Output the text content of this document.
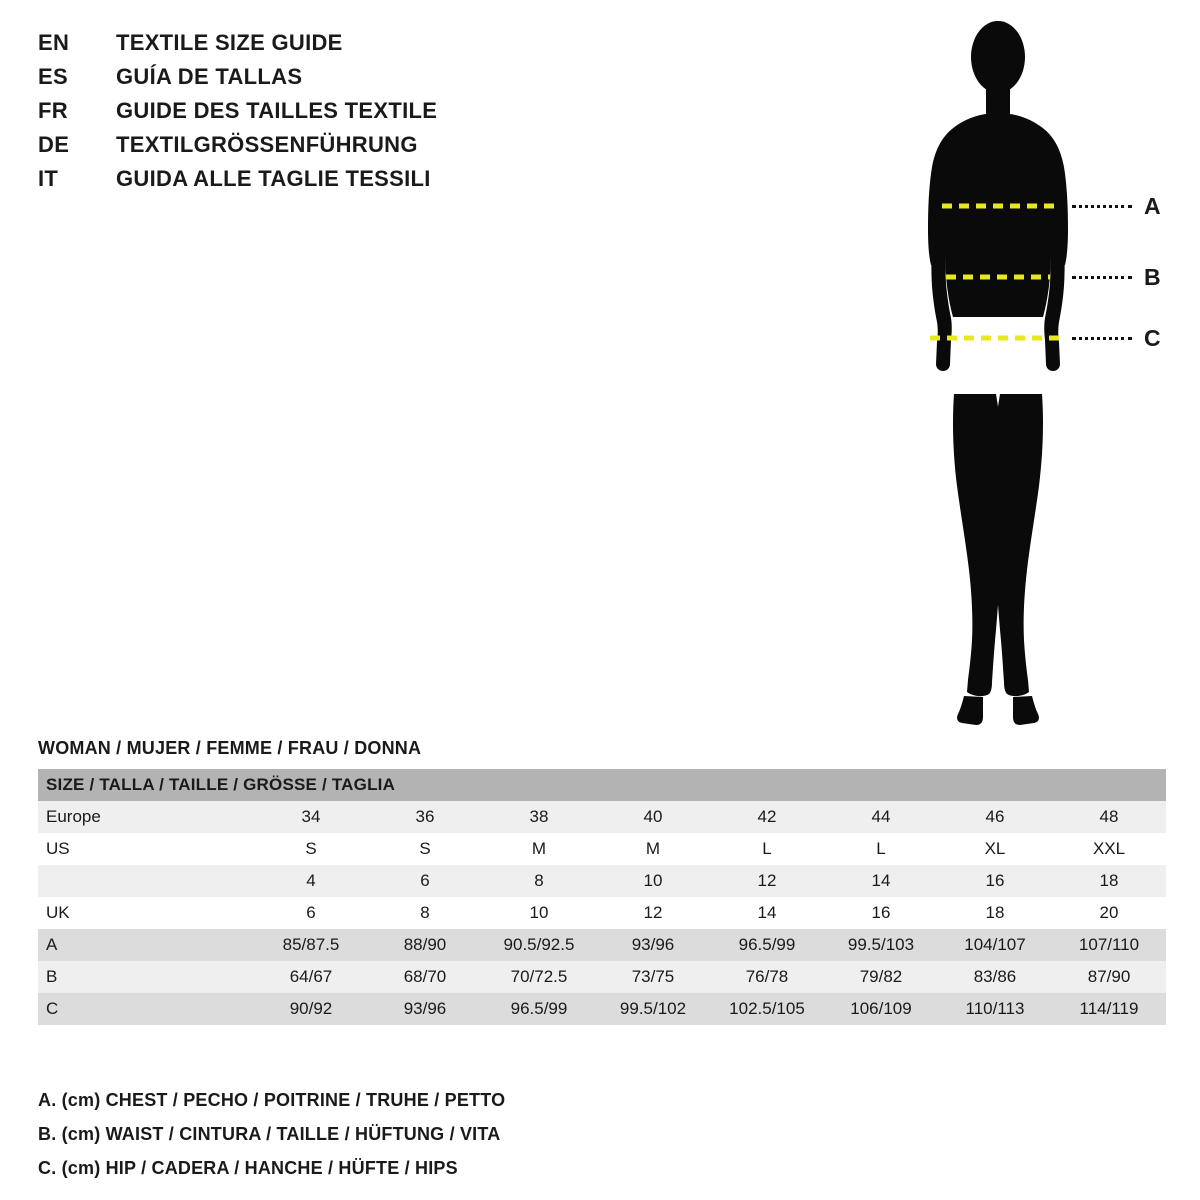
EN	TEXTILE SIZE GUIDE
ES	GUÍA DE TALLAS
FR	GUIDE DES TAILLES TEXTILE
DE	TEXTILGRÖSSENFÜHRUNG
IT	GUIDA ALLE TAGLIE TESSILI
A
B
C
WOMAN / MUJER / FEMME / FRAU / DONNA
SIZE / TALLA / TAILLE / GRÖSSE / TAGLIA								
Europe	34	36	38	40	42	44	46	48
US	S	S	M	M	L	L	XL	XXL
	4	6	8	10	12	14	16	18
UK	6	8	10	12	14	16	18	20
A	85/87.5	88/90	90.5/92.5	93/96	96.5/99	99.5/103	104/107	107/110
B	64/67	68/70	70/72.5	73/75	76/78	79/82	83/86	87/90
C	90/92	93/96	96.5/99	99.5/102	102.5/105	106/109	110/113	114/119
A. (cm) CHEST / PECHO / POITRINE / TRUHE / PETTO
B. (cm) WAIST / CINTURA / TAILLE / HÜFTUNG / VITA
C. (cm) HIP / CADERA / HANCHE / HÜFTE / HIPS
